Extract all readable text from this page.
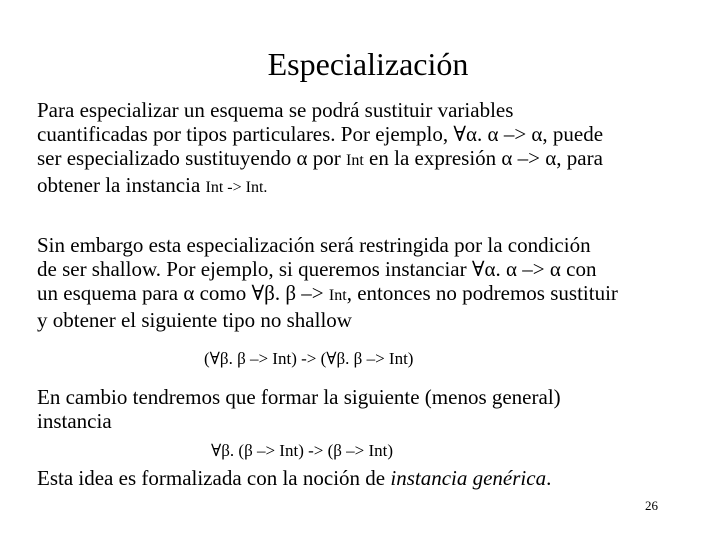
Especialización
Para especializar un esquema se podrá sustituir variables
cuantificadas por tipos particulares. Por ejemplo, ∀α. α –> α, puede
ser especializado sustituyendo α por Int en la expresión α –> α, para
obtener la instancia Int -> Int.
Sin embargo esta especialización será restringida por la condición
de ser shallow. Por ejemplo, si queremos instanciar ∀α. α –> α con
un esquema para α como ∀β. β –> Int, entonces no podremos sustituir
y obtener el siguiente tipo no shallow
(∀β. β –> Int) -> (∀β. β –> Int)
En cambio tendremos que formar la siguiente (menos general)
instancia
∀β. (β –> Int) -> (β –> Int)
Esta idea es formalizada con la noción de instancia genérica.
26
